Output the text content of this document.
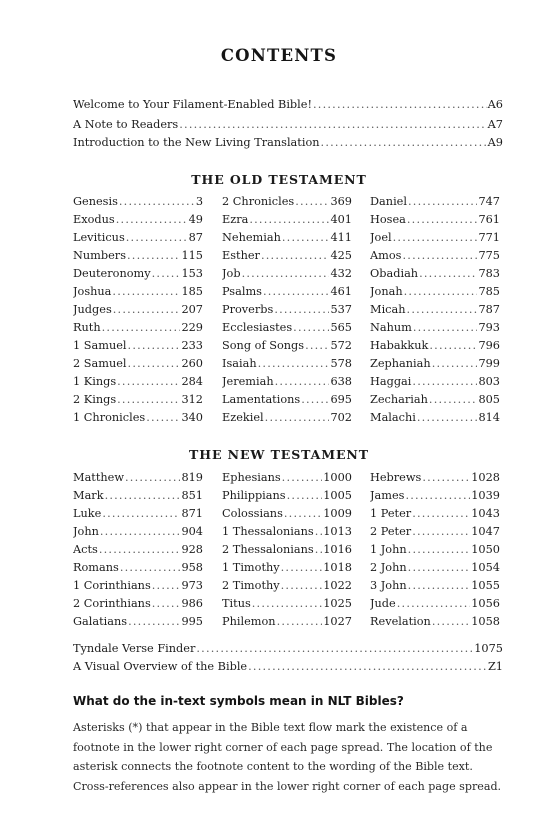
CONTENTS
Welcome to Your Filament-Enabled Bible! .....	A6
A Note to Readers .....	A7
Introduction to the New Living Translation .....	A9
THE OLD TESTAMENT
Genesis .....	3
Exodus .....	49
Leviticus .....	87
Numbers .....	115
Deuteronomy .....	153
Joshua .....	185
Judges .....	207
Ruth .....	229
1 Samuel .....	233
2 Samuel .....	260
1 Kings .....	284
2 Kings .....	312
1 Chronicles .....	340
2 Chronicles .....	369
Ezra .....	401
Nehemiah .....	411
Esther .....	425
Job .....	432
Psalms .....	461
Proverbs .....	537
Ecclesiastes .....	565
Song of Songs ..... 572
Isaiah .....	578
Jeremiah .....	638
Lamentations .....	695
Ezekiel .....	702
Daniel .....	747
Hosea .....	761
Joel .....	771
Amos .....	775
Obadiah .....	783
Jonah .....	785
Micah .....	787
Nahum .....	793
Habakkuk .....	796
Zephaniah .....	799
Haggai .....	803
Zechariah .....	805
Malachi .....	814
THE NEW TESTAMENT
Matthew .....	819
Mark .....	851
Luke .....	871
John .....	904
Acts .....	928
Romans .....	958
1 Corinthians .....	973
2 Corinthians .....	986
Galatians .....	995
Ephesians .....	1000
Philippians .....	1005
Colossians .....	1009
1 Thessalonians ..... 1013
2 Thessalonians ..... 1016
1 Timothy .....	1018
2 Timothy .....	1022
Titus .....	1025
Philemon .....	1027
Hebrews .....	1028
James .....	1039
1 Peter .....	1043
2 Peter .....	1047
1 John .....	1050
2 John .....	1054
3 John .....	1055
Jude .....	1056
Revelation .....	1058
Tyndale Verse Finder .....	1075
A Visual Overview of the Bible .....	Z1
What do the in-text symbols mean in NLT Bibles?

Asterisks (*) that appear in the Bible text flow mark the existence of a footnote in the lower right corner of each page spread. The location of the asterisk connects the footnote content to the wording of the Bible text. Cross-references also appear in the lower right corner of each page spread.
